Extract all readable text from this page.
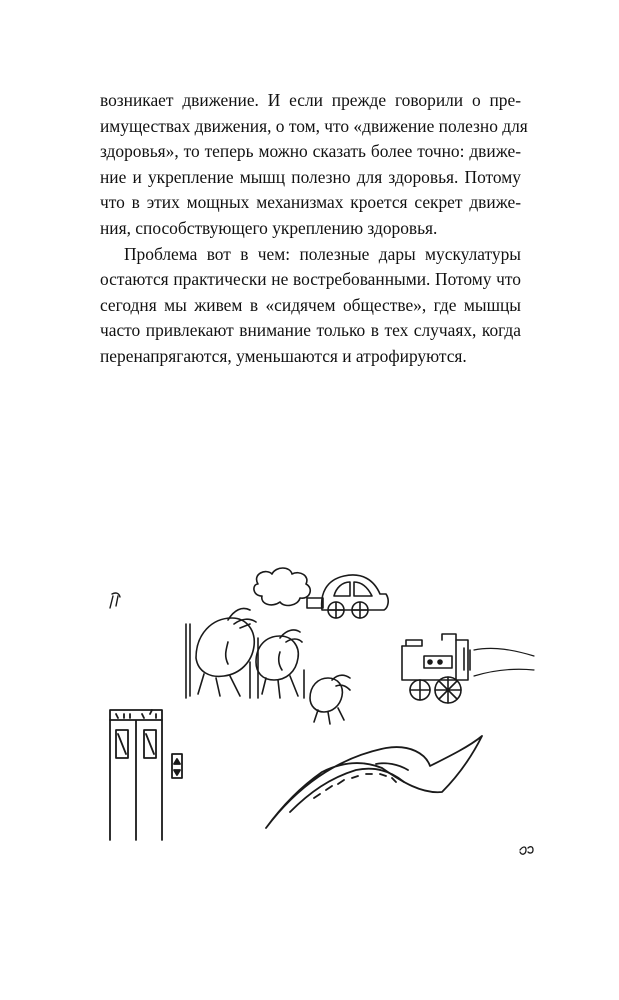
возникает движение. И если прежде говорили о пре-
имуществах движения, о том, что «движение полезно для
здоровья», то теперь можно сказать более точно: движе-
ние и укрепление мышц полезно для здоровья. Потому
что в этих мощных механизмах кроется секрет движе-
ния, способствующего укреплению здоровья.
Проблема вот в чем: полезные дары мускулатуры
остаются практически не востребованными. Потому что
сегодня мы живем в «сидячем обществе», где мышцы
часто привлекают внимание только в тех случаях, когда
перенапрягаются, уменьшаются и атрофируются.
